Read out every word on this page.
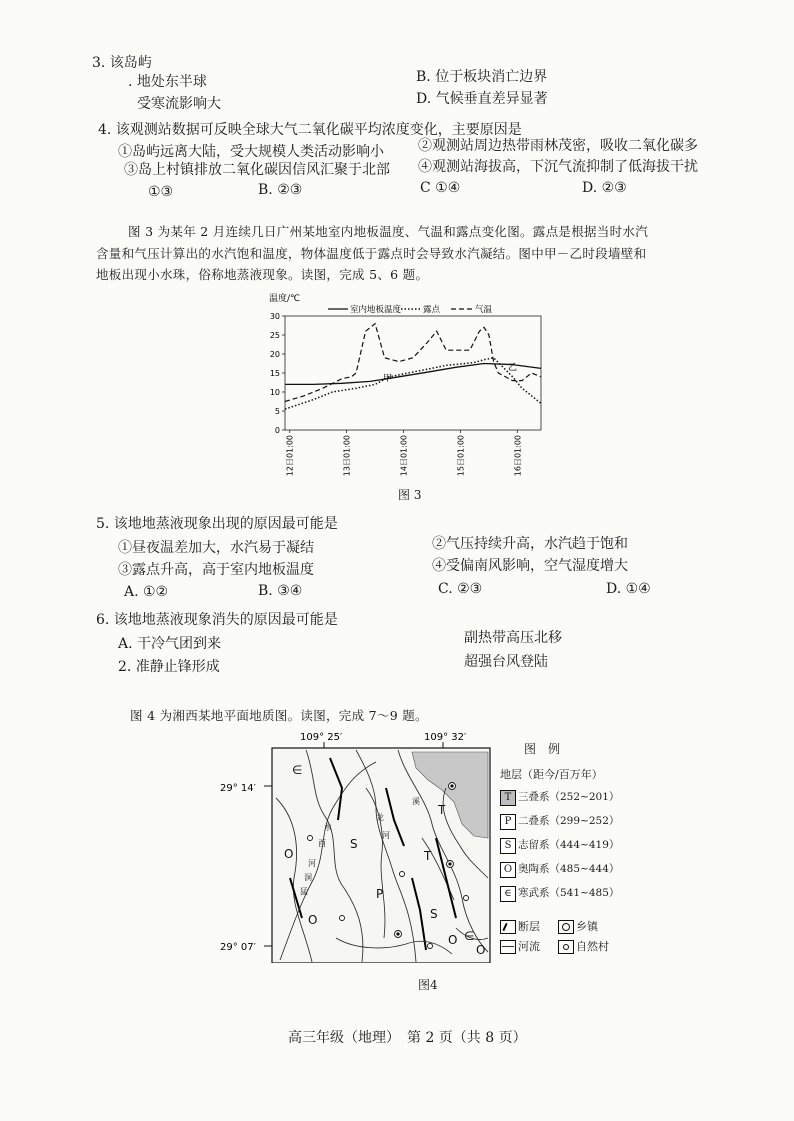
3. 该岛屿
. 地处东半球	B. 位于板块消亡边界
受寒流影响大	D. 气候垂直差异显著
4. 该观测站数据可反映全球大气二氧化碳平均浓度变化，主要原因是
①岛屿远离大陆，受大规模人类活动影响小 ②观测站周边热带雨林茂密，吸收二氧化碳多
③岛上村镇排放二氧化碳因信风汇聚于北部 ④观测站海拔高，下沉气流抑制了低海拔干扰
①③	B. ②③	C ①④	D. ②③
图 3 为某年 2 月连续几日广州某地室内地板温度、气温和露点变化图。露点是根据当时水汽
含量和气压计算出的水汽饱和温度，物体温度低于露点时会导致水汽凝结。图中甲－乙时段墙壁和
地板出现小水珠，俗称地蒸液现象。读图，完成 5、6 题。
温度/℃
室内地板温度	露点	气温
0
5
10
15
20
25
30
12日01:00	13日01:00	14日01:00	15日01:00	16日01:00
甲
乙
图 3
5. 该地地蒸液现象出现的原因最可能是
①昼夜温差加大，水汽易于凝结	②气压持续升高，水汽趋于饱和
③露点升高，高于室内地板温度	④受偏南风影响，空气湿度增大
A. ①②	B. ③④	C. ②③	D. ①④
6. 该地地蒸液现象消失的原因最可能是
A. 干冷气团到来	副热带高压北移
2. 准静止锋形成	超强台风登陆
图 4 为湘西某地平面地质图。读图，完成 7～9 题。
109° 25′	109° 32′
29° 14′
29° 07′
∈
S
O
T
T
P
S
O ∈
O
O
猛
洞
河
酉
水
龙
河
溪
图　例
地层（距今/百万年）
T 三叠系（252~201）
P 二叠系（299~252）
S 志留系（444~419）
O 奥陶系（485~444）
∈ 寒武系（541~485）
断层	乡镇
河流	自然村
图4
高三年级（地理）　第 2 页（共 8 页）
